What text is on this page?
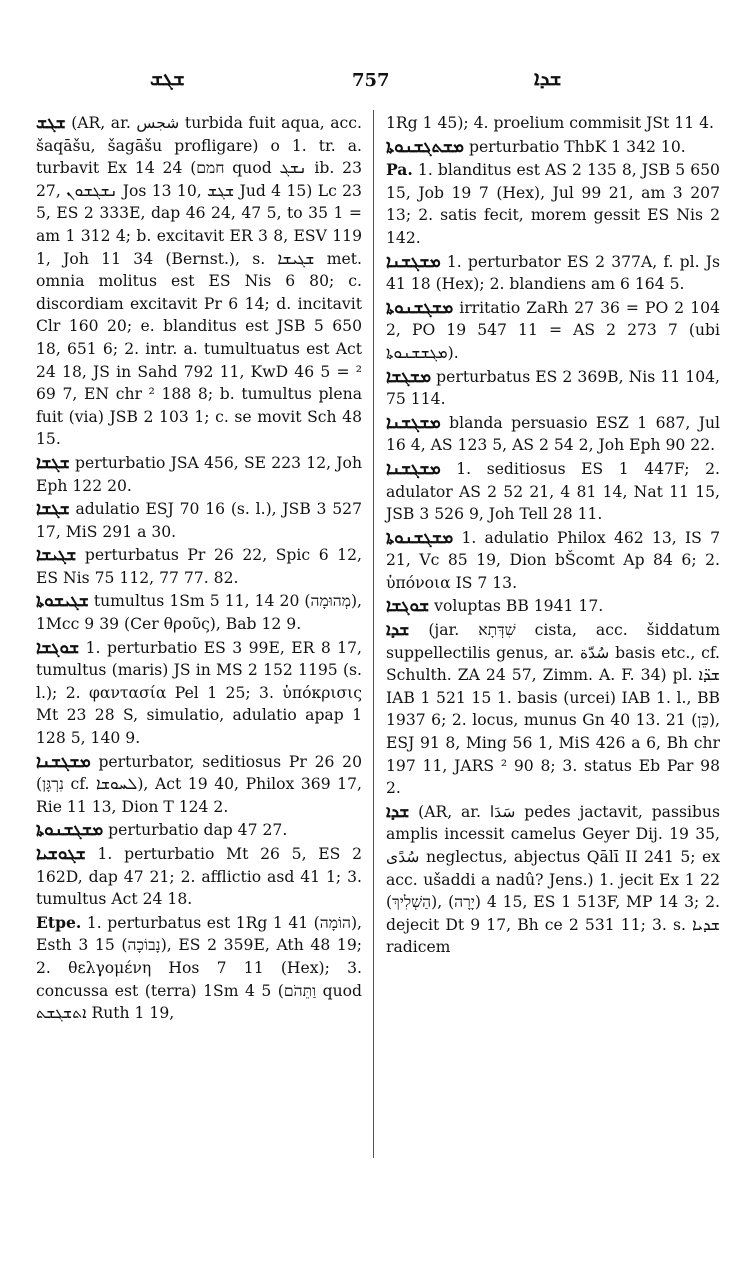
ܫܓܫ	757	ܫܕܐ

ܫܓܫ (AR, ar. شجس turbida fuit aqua, acc. šaqāšu, šagāšu profligare) o 1. tr. a. turbavit Ex 14 24 (חמם quod ܢܫܓ ib. 23 27, ܢܫܓܫܘܢ Jos 13 10, ܫܓܫ Jud 4 15) Lc 23 5, ES 2 333E, dap 46 24, 47 5, to 35 1 = am 1 312 4; b. excitavit ER 3 8, ESV 119 1, Joh 11 34 (Bernst.), s. ܫܓܝܫܐ met. omnia molitus est ES Nis 6 80; c. discordiam excitavit Pr 6 14; d. incitavit Clr 160 20; e. blanditus est JSB 5 650 18, 651 6; 2. intr. a. tumultuatus est Act 24 18, JS in Sahd 792 11, KwD 46 5 = ² 69 7, EN chr ² 188 8; b. tumultus plena fuit (via) JSB 2 103 1; c. se movit Sch 48 15.

ܫܓܫܐ perturbatio JSA 456, SE 223 12, Joh Eph 122 20.

ܫܓܫܐ adulatio ESJ 70 16 (s. l.), JSB 3 527 17, MiS 291 a 30.

ܫܓܝܫܐ perturbatus Pr 26 22, Spic 6 12, ES Nis 75 112, 77 77. 82.

ܫܓܝܫܘܬܐ tumultus 1Sm 5 11, 14 20 (מְהוּמָה), 1Mcc 9 39 (Cer θρoῦς), Bab 12 9.

ܫܘܓܫܐ 1. perturbatio ES 3 99E, ER 8 17, tumultus (maris) JS in MS 2 152 1195 (s. l.); 2. φαντασία Pel 1 25; 3. ὑπόκρισις Mt 23 28 S, simulatio, adulatio apap 1 128 5, 140 9.

ܡܫܓܫܢܐ perturbator, seditiosus Pr 26 20 (נִרְגָּן cf. ܠܚܘܫܐ), Act 19 40, Philox 369 17, Rie 11 13, Dion T 124 2.

ܡܫܓܫܢܘܬܐ perturbatio dap 47 27.

ܫܓܘܫܝܐ 1. perturbatio Mt 26 5, ES 2 162D, dap 47 21; 2. afflictio asd 41 1; 3. tumultus Act 24 18.

Etpe. 1. perturbatus est 1Rg 1 41 (הוֹמָה), Esth 3 15 (נָבוֹכָה), ES 2 359E, Ath 48 19; 2. θελγομένη Hos 7 11 (Hex); 3. concussa est (terra) 1Sm 4 5 (וַתֵּהֹם quod ܐܬܫܓܫܬ Ruth 1 19,

1Rg 1 45); 4. proelium commisit JSt 11 4.

ܡܫܬܓܫܢܘܬܐ perturbatio ThbK 1 342 10.

Pa. 1. blanditus est AS 2 135 8, JSB 5 650 15, Job 19 7 (Hex), Jul 99 21, am 3 207 13; 2. satis fecit, morem gessit ES Nis 2 142.

ܡܫܓܫܢܐ 1. perturbator ES 2 377A, f. pl. Js 41 18 (Hex); 2. blandiens am 6 164 5.

ܡܫܓܫܢܘܬܐ irritatio ZaRh 27 36 = PO 2 104 2, PO 19 547 11 = AS 2 273 7 (ubi ܡܓܫܫܢܘܬܐ).

ܡܫܓܫܐ perturbatus ES 2 369B, Nis 11 104, 75 114.

ܡܫܓܫܢܐ blanda persuasio ESZ 1 687, Jul 16 4, AS 123 5, AS 2 54 2, Joh Eph 90 22.

ܡܫܓܫܢܐ 1. seditiosus ES 1 447F; 2. adulator AS 2 52 21, 4 81 14, Nat 11 15, JSB 3 526 9, Joh Tell 28 11.

ܡܫܓܫܢܘܬܐ 1. adulatio Philox 462 13, IS 7 21, Vc 85 19, Dion bŠcomt Ap 84 6; 2. ὑπόνοια IS 7 13.

ܫܘܓܫܐ voluptas BB 1941 17.

ܫܕܐ (jar. שִׁדְּתָא cista, acc. šiddatum suppellectilis genus, ar. سُدّة basis etc., cf. Schulth. ZA 24 57, Zimm. A. F. 34) pl. ܫܕ̈ܐ IAB 1 521 15 1. basis (urcei) IAB 1. l., BB 1937 6; 2. locus, munus Gn 40 13. 21 (כֵּן), ESJ 91 8, Ming 56 1, MiS 426 a 6, Bh chr 197 11, JARS ² 90 8; 3. status Eb Par 98 2.

ܫܕܐ (AR, ar. سَدَا pedes jactavit, passibus amplis incessit camelus Geyer Dij. 19 35, سُدًى neglectus, abjectus Qālī II 241 5; ex acc. ušaddi a nadû? Jens.) 1. jecit Ex 1 22 (הַשְׁלִיךְ), 15 4 (יָרָה), ES 1 513F, MP 14 3; 2. dejecit Dt 9 17, Bh ce 2 531 11; 3. s. ܫܕܝܐ radicem
